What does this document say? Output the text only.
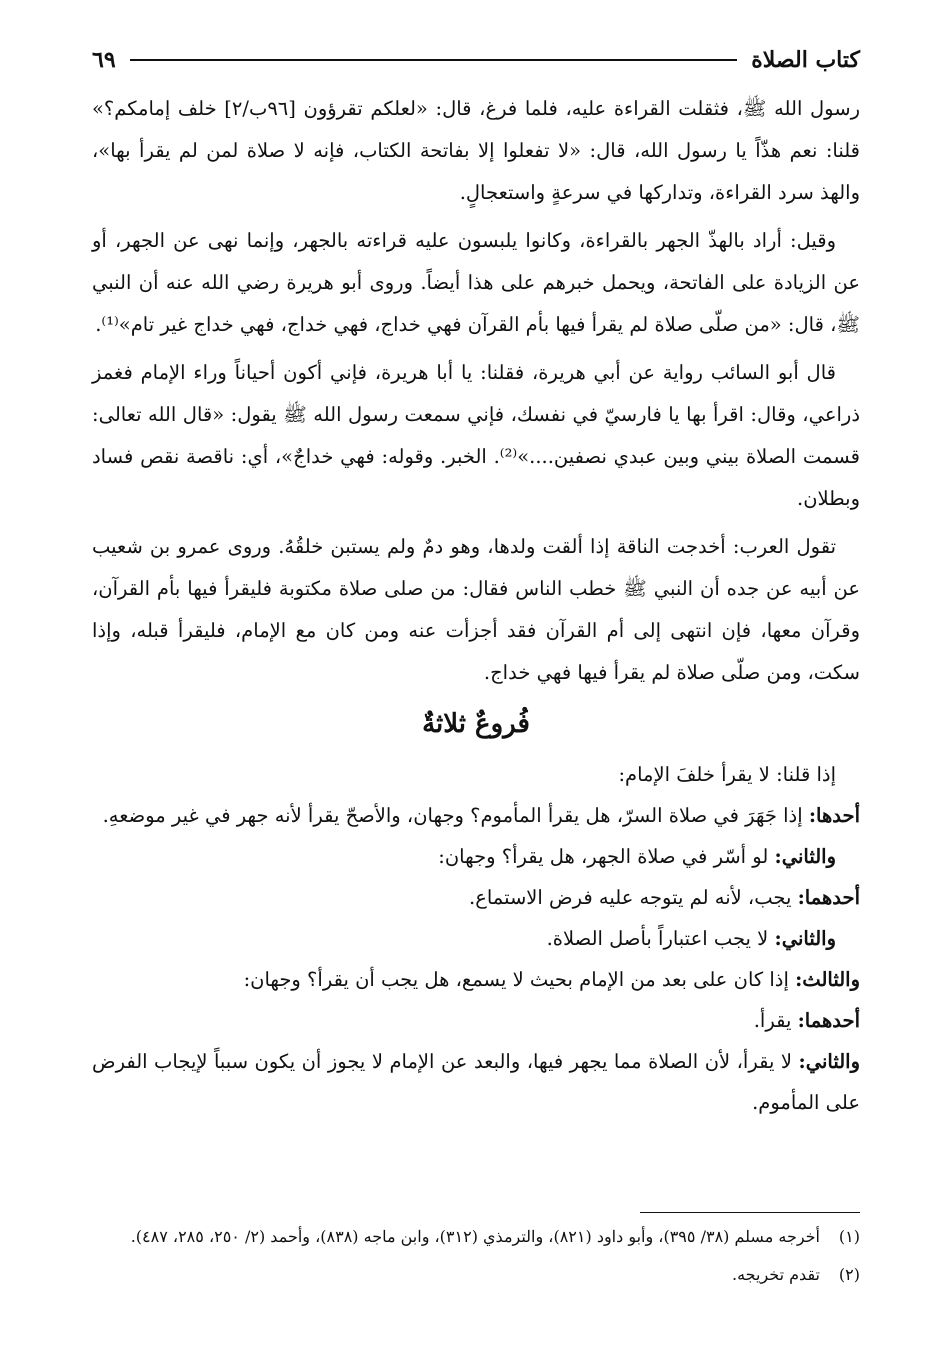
كتاب الصلاة
٦٩

رسول الله ﷺ، فثقلت القراءة عليه، فلما فرغ، قال: «لعلكم تقرؤون [٩٦ب/٢] خلف إمامكم؟» قلنا: نعم هذّاً يا رسول الله، قال: «لا تفعلوا إلا بفاتحة الكتاب، فإنه لا صلاة لمن لم يقرأ بها»، والهذ سرد القراءة، وتداركها في سرعةٍ واستعجالٍ.

وقيل: أراد بالهذّ الجهر بالقراءة، وكانوا يلبسون عليه قراءته بالجهر، وإنما نهى عن الجهر، أو عن الزيادة على الفاتحة، ويحمل خبرهم على هذا أيضاً. وروى أبو هريرة رضي الله عنه أن النبي ﷺ، قال: «من صلّى صلاة لم يقرأ فيها بأم القرآن فهي خداج، فهي خداج، فهي خداج غير تام»⁽¹⁾.

قال أبو السائب رواية عن أبي هريرة، فقلنا: يا أبا هريرة، فإني أكون أحياناً وراء الإمام فغمز ذراعي، وقال: اقرأ بها يا فارسيّ في نفسك، فإني سمعت رسول الله ﷺ يقول: «قال الله تعالى: قسمت الصلاة بيني وبين عبدي نصفين....»⁽²⁾. الخبر. وقوله: فهي خداجٌ»، أي: ناقصة نقص فساد وبطلان.

تقول العرب: أخدجت الناقة إذا ألقت ولدها، وهو دمٌ ولم يستبن خلقُهُ. وروى عمرو بن شعيب عن أبيه عن جده أن النبي ﷺ خطب الناس فقال: من صلى صلاة مكتوبة فليقرأ فيها بأم القرآن، وقرآن معها، فإن انتهى إلى أم القرآن فقد أجزأت عنه ومن كان مع الإمام، فليقرأ قبله، وإذا سكت، ومن صلّى صلاة لم يقرأ فيها فهي خداج.

فُروعٌ ثلاثةٌ

إذا قلنا: لا يقرأ خلفَ الإمام:

أحدها: إذا جَهَرَ في صلاة السرّ، هل يقرأ المأموم؟ وجهان، والأصحّ يقرأ لأنه جهر في غير موضعهِ.

والثاني: لو أسّر في صلاة الجهر، هل يقرأ؟ وجهان:

أحدهما: يجب، لأنه لم يتوجه عليه فرض الاستماع.

والثاني: لا يجب اعتباراً بأصل الصلاة.

والثالث: إذا كان على بعد من الإمام بحيث لا يسمع، هل يجب أن يقرأ؟ وجهان:

أحدهما: يقرأ.

والثاني: لا يقرأ، لأن الصلاة مما يجهر فيها، والبعد عن الإمام لا يجوز أن يكون سبباً لإيجاب الفرض على المأموم.

(١)
أخرجه مسلم (٣٨/ ٣٩٥)، وأبو داود (٨٢١)، والترمذي (٣١٢)، وابن ماجه (٨٣٨)، وأحمد (٢/ ٢٥٠، ٢٨٥، ٤٨٧).
(٢)
تقدم تخريجه.
